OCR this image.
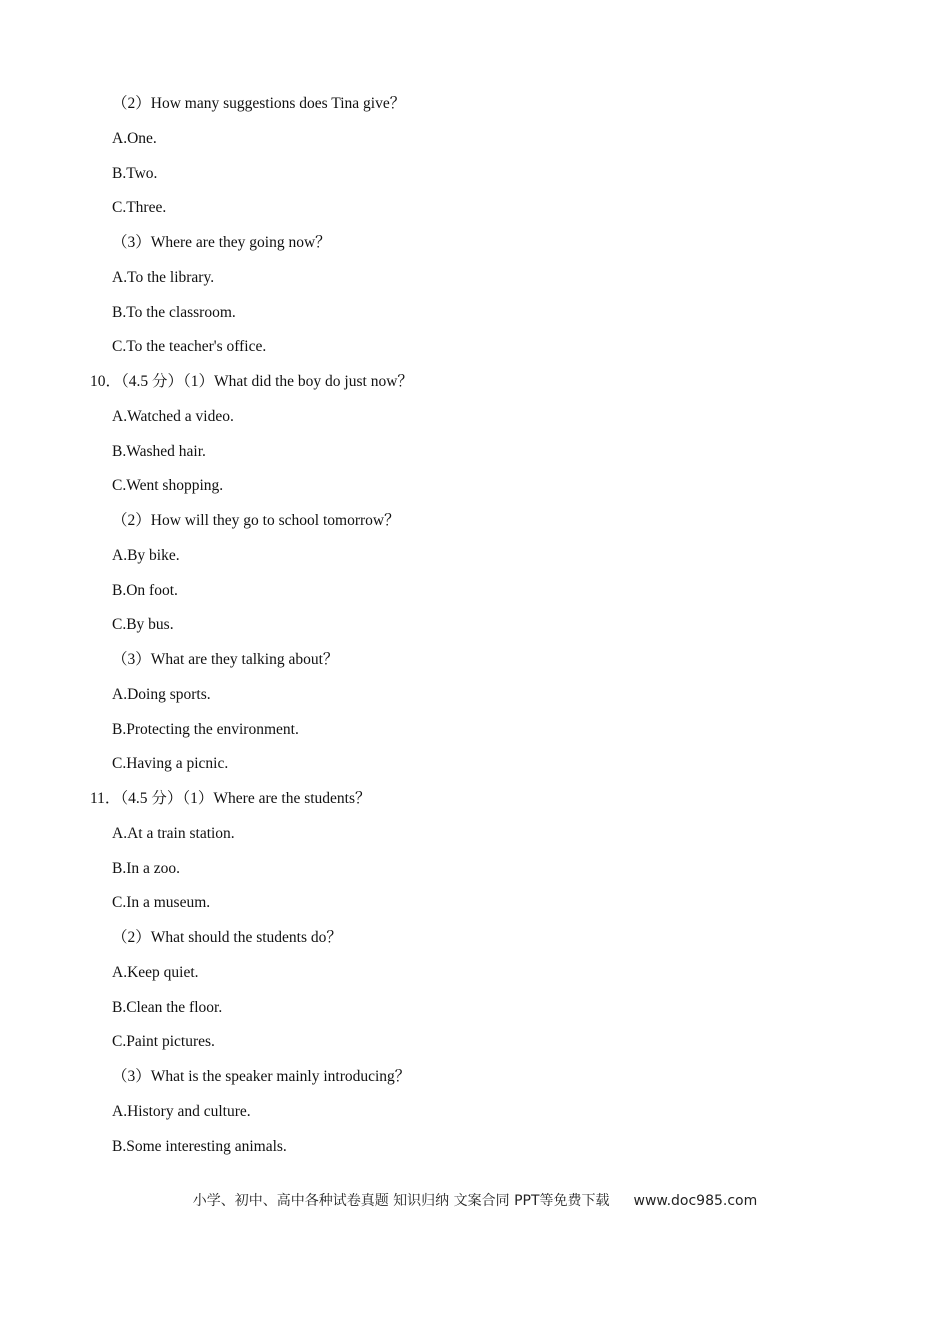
（2）How many suggestions does Tina give？
A.One.
B.Two.
C.Three.
（3）Where are they going now？
A.To the library.
B.To the classroom.
C.To the teacher's office.
10．（4.5 分）（1）What did the boy do just now？
A.Watched a video.
B.Washed hair.
C.Went shopping.
（2）How will they go to school tomorrow？
A.By bike.
B.On foot.
C.By bus.
（3）What are they talking about？
A.Doing sports.
B.Protecting the environment.
C.Having a picnic.
11．（4.5 分）（1）Where are the students？
A.At a train station.
B.In a zoo.
C.In a museum.
（2）What should the students do？
A.Keep quiet.
B.Clean the floor.
C.Paint pictures.
（3）What is the speaker mainly introducing？
A.History and culture.
B.Some interesting animals.
小学、初中、高中各种试卷真题 知识归纳 文案合同 PPT等免费下载 www.doc985.com
